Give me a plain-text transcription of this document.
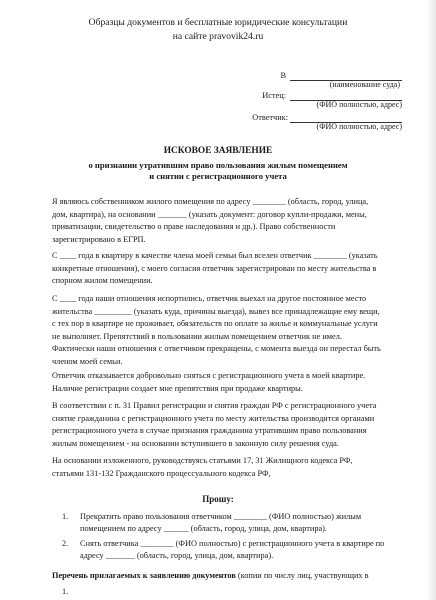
Образцы документов и бесплатные юридические консультации
на сайте pravovik24.ru
В
(наименование суда)
Истец:
(ФИО полностью, адрес)
Ответчик:
(ФИО полностью, адрес)
ИСКОВОЕ ЗАЯВЛЕНИЕ
о признании утратившим право пользования жилым помещением
и снятии с регистрационного учета
Я являюсь собственником жилого помещения по адресу ________ (область, город, улица,
дом, квартира), на основании _______ (указать документ: договор купли-продажи, мены,
приватизации, свидетельство о праве наследования и др.). Право собственности
зарегистрировано в ЕГРП.
С ____ года в квартиру в качестве члена моей семьи был вселен ответчик ________ (указать
конкретные отношения), с моего согласия ответчик зарегистрирован по месту жительства в
спорном жилом помещении.
С ____ года наши отношения испортились, ответчик выехал на другое постоянное место
жительства _________ (указать куда, причины выезда), вывез все принадлежащие ему вещи,
с тех пор в квартире не проживает, обязательств по оплате за жилье и коммунальные услуги
не выполняет. Препятствий в пользовании жилым помещением ответчик не имел.
Фактически наши отношения с ответчиком прекращены, с момента выезда он перестал быть
членом моей семьи.
Ответчик отказывается добровольно сняться с регистрационного учета в моей квартире.
Наличие регистрации создает мне препятствия при продаже квартиры.
В соответствии с п. 31 Правил регистрации и снятия граждан РФ с регистрационного учета
снятие гражданина с регистрационного учета по месту жительства производится органами
регистрационного учета в случае признания гражданина утратившим право пользования
жилым помещением - на основании вступившего в законную силу решения суда.
На основании изложенного, руководствуясь статьями 17, 31 Жилищного кодекса РФ,
статьями 131-132 Гражданского процессуального кодекса РФ,
Прошу:
1. Прекратить право пользования ответчиком ________ (ФИО полностью) жилым
помещением по адресу ______ (область, город, улица, дом, квартира).
2. Снять ответчика ________ (ФИО полностью) с регистрационного учета в квартире по
адресу _______ (область, город, улица, дом, квартира).
Перечень прилагаемых к заявлению документов (копии по числу лиц, участвующих в
1.
